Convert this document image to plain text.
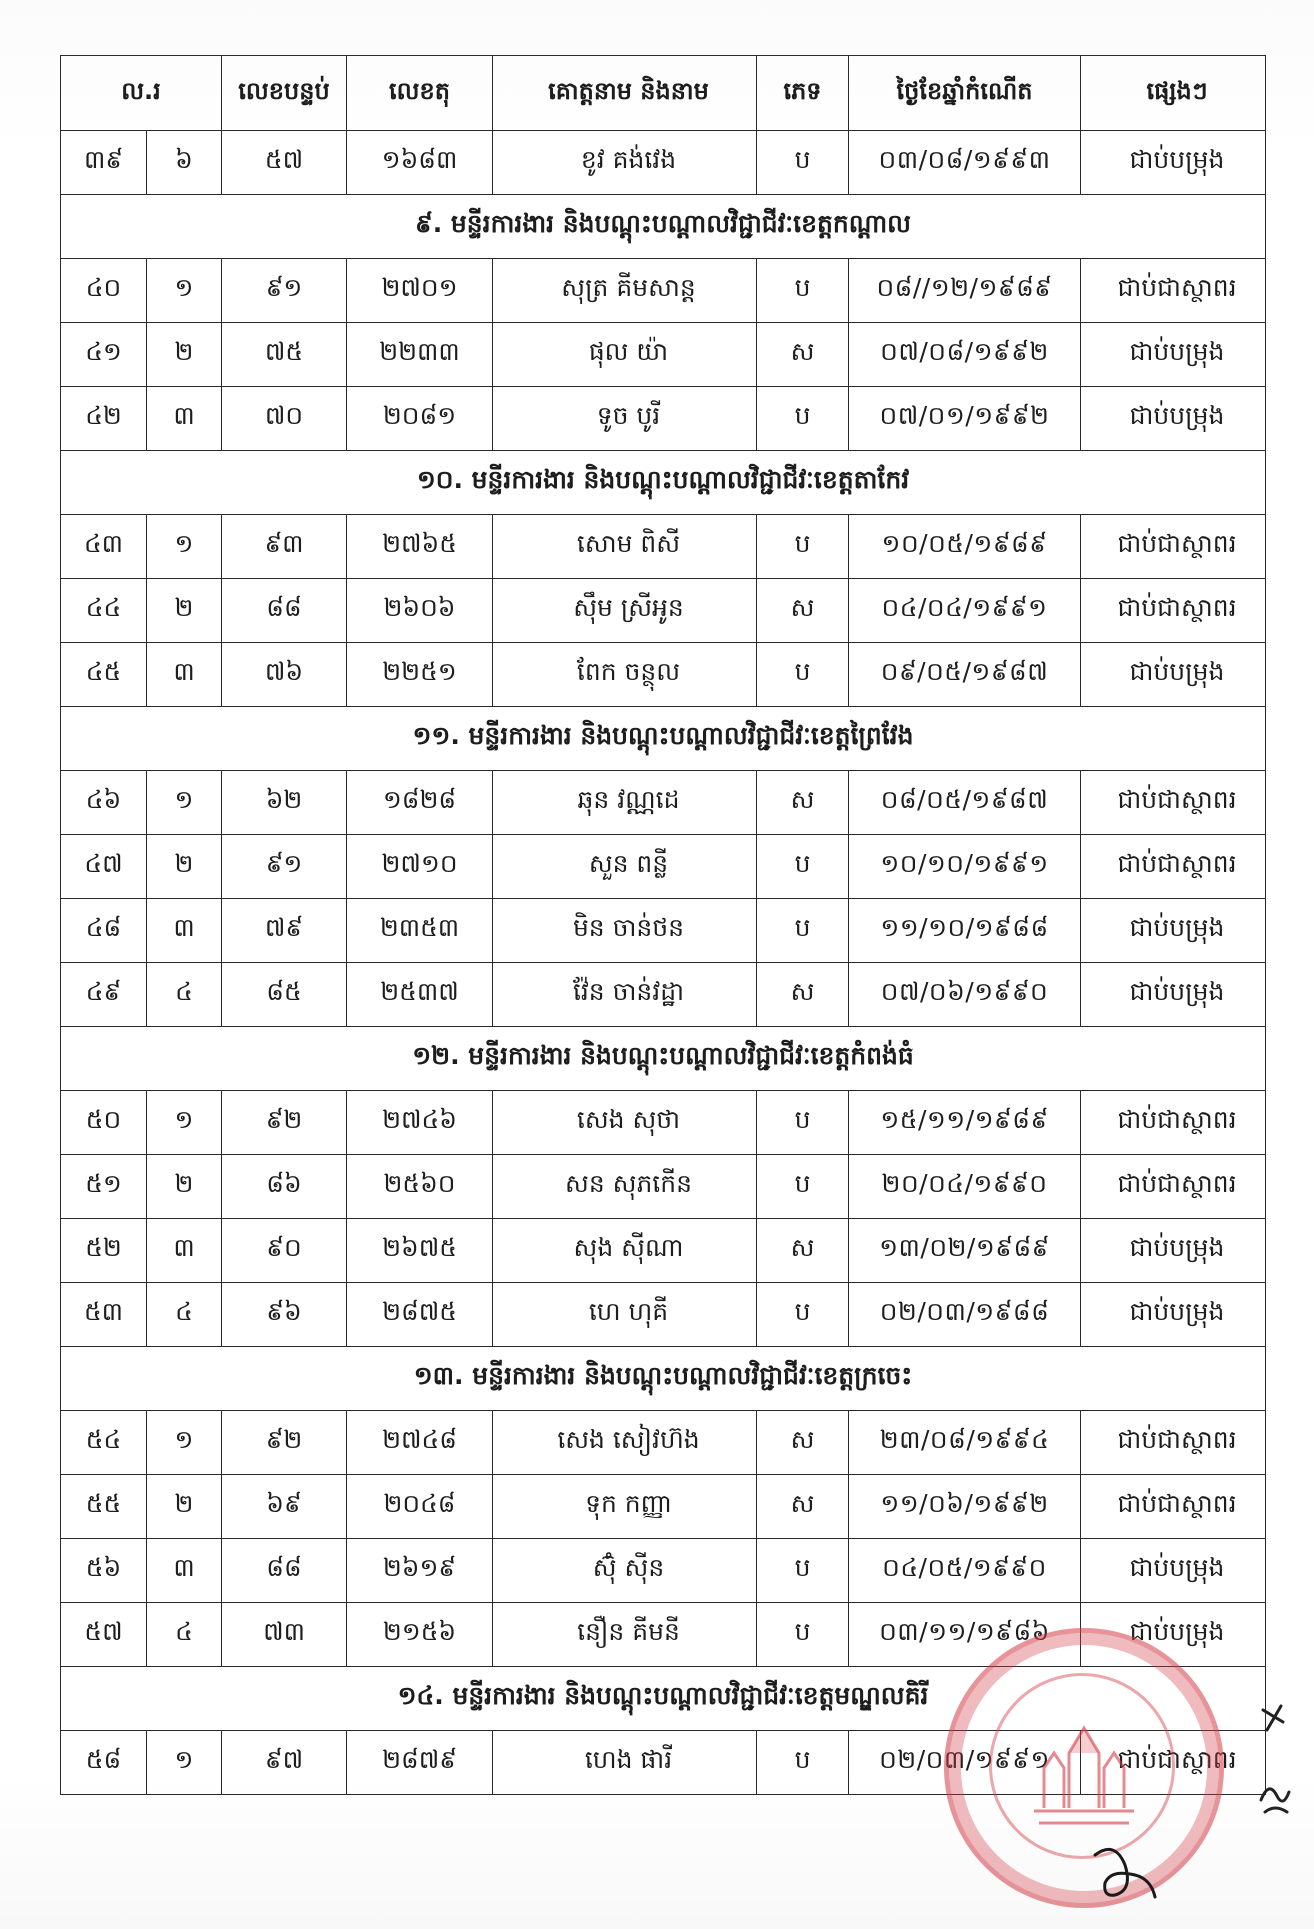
ល.រ		លេខបន្ទប់	លេខតុ	គោត្តនាម និងនាម	ភេទ	ថ្ងៃខែឆ្នាំកំណើត	ផ្សេងៗ
៣៩	៦	៥៧	១៦៨៣	ខូវ គង់វេង	ប	០៣/០៨/១៩៩៣	ជាប់បម្រុង
៩. មន្ទីរការងារ និងបណ្តុះបណ្តាលវិជ្ជាជីវៈខេត្តកណ្តាល							
៤០	១	៩១	២៧០១	សុត្រ គីមសាន្ត	ប	០៨//១២/១៩៨៩	ជាប់ជាស្ថាពរ
៤១	២	៧៥	២២៣៣	ផុល យ៉ា	ស	០៧/០៨/១៩៩២	ជាប់បម្រុង
៤២	៣	៧០	២០៨១	ទូច បូរី	ប	០៧/០១/១៩៩២	ជាប់បម្រុង
១០. មន្ទីរការងារ និងបណ្តុះបណ្តាលវិជ្ជាជីវៈខេត្តតាកែវ							
៤៣	១	៩៣	២៧៦៥	សោម ពិសី	ប	១០/០៥/១៩៨៩	ជាប់ជាស្ថាពរ
៤៤	២	៨៨	២៦០៦	ស៊ឹម ស្រីអូន	ស	០៤/០៤/១៩៩១	ជាប់ជាស្ថាពរ
៤៥	៣	៧៦	២២៥១	ពែក ចន្ថុល	ប	០៩/០៥/១៩៨៧	ជាប់បម្រុង
១១. មន្ទីរការងារ និងបណ្តុះបណ្តាលវិជ្ជាជីវៈខេត្តព្រៃវែង							
៤៦	១	៦២	១៨២៨	ឆុន វណ្ណដេ	ស	០៨/០៥/១៩៨៧	ជាប់ជាស្ថាពរ
៤៧	២	៩១	២៧១០	សួន ពន្លី	ប	១០/១០/១៩៩១	ជាប់ជាស្ថាពរ
៤៨	៣	៧៩	២៣៥៣	មិន ចាន់ថន	ប	១១/១០/១៩៨៨	ជាប់បម្រុង
៤៩	៤	៨៥	២៥៣៧	វ៉ែន ចាន់វដ្ឋា	ស	០៧/០៦/១៩៩០	ជាប់បម្រុង
១២. មន្ទីរការងារ និងបណ្តុះបណ្តាលវិជ្ជាជីវៈខេត្តកំពង់ធំ							
៥០	១	៩២	២៧៤៦	សេង សុថា	ប	១៥/១១/១៩៨៩	ជាប់ជាស្ថាពរ
៥១	២	៨៦	២៥៦០	សន សុភកើន	ប	២០/០៤/១៩៩០	ជាប់ជាស្ថាពរ
៥២	៣	៩០	២៦៧៥	សុង ស៊ីណា	ស	១៣/០២/១៩៨៩	ជាប់បម្រុង
៥៣	៤	៩៦	២៨៧៥	ហេ ហុគី	ប	០២/០៣/១៩៨៨	ជាប់បម្រុង
១៣. មន្ទីរការងារ និងបណ្តុះបណ្តាលវិជ្ជាជីវៈខេត្តក្រចេះ							
៥៤	១	៩២	២៧៤៨	សេង សៀវហ៊ង	ស	២៣/០៨/១៩៩៤	ជាប់ជាស្ថាពរ
៥៥	២	៦៩	២០៤៨	ទុក កញ្ញា	ស	១១/០៦/១៩៩២	ជាប់ជាស្ថាពរ
៥៦	៣	៨៨	២៦១៩	ស៊ុំ ស៊ីន	ប	០៤/០៥/១៩៩០	ជាប់បម្រុង
៥៧	៤	៧៣	២១៥៦	នឿន គីមនី	ប	០៣/១១/១៩៨៦	ជាប់បម្រុង
១៤. មន្ទីរការងារ និងបណ្តុះបណ្តាលវិជ្ជាជីវៈខេត្តមណ្ឌលគិរី							
៥៨	១	៩៧	២៨៧៩	ហេង ផារី	ប	០២/០៣/១៩៩១	ជាប់ជាស្ថាពរ
